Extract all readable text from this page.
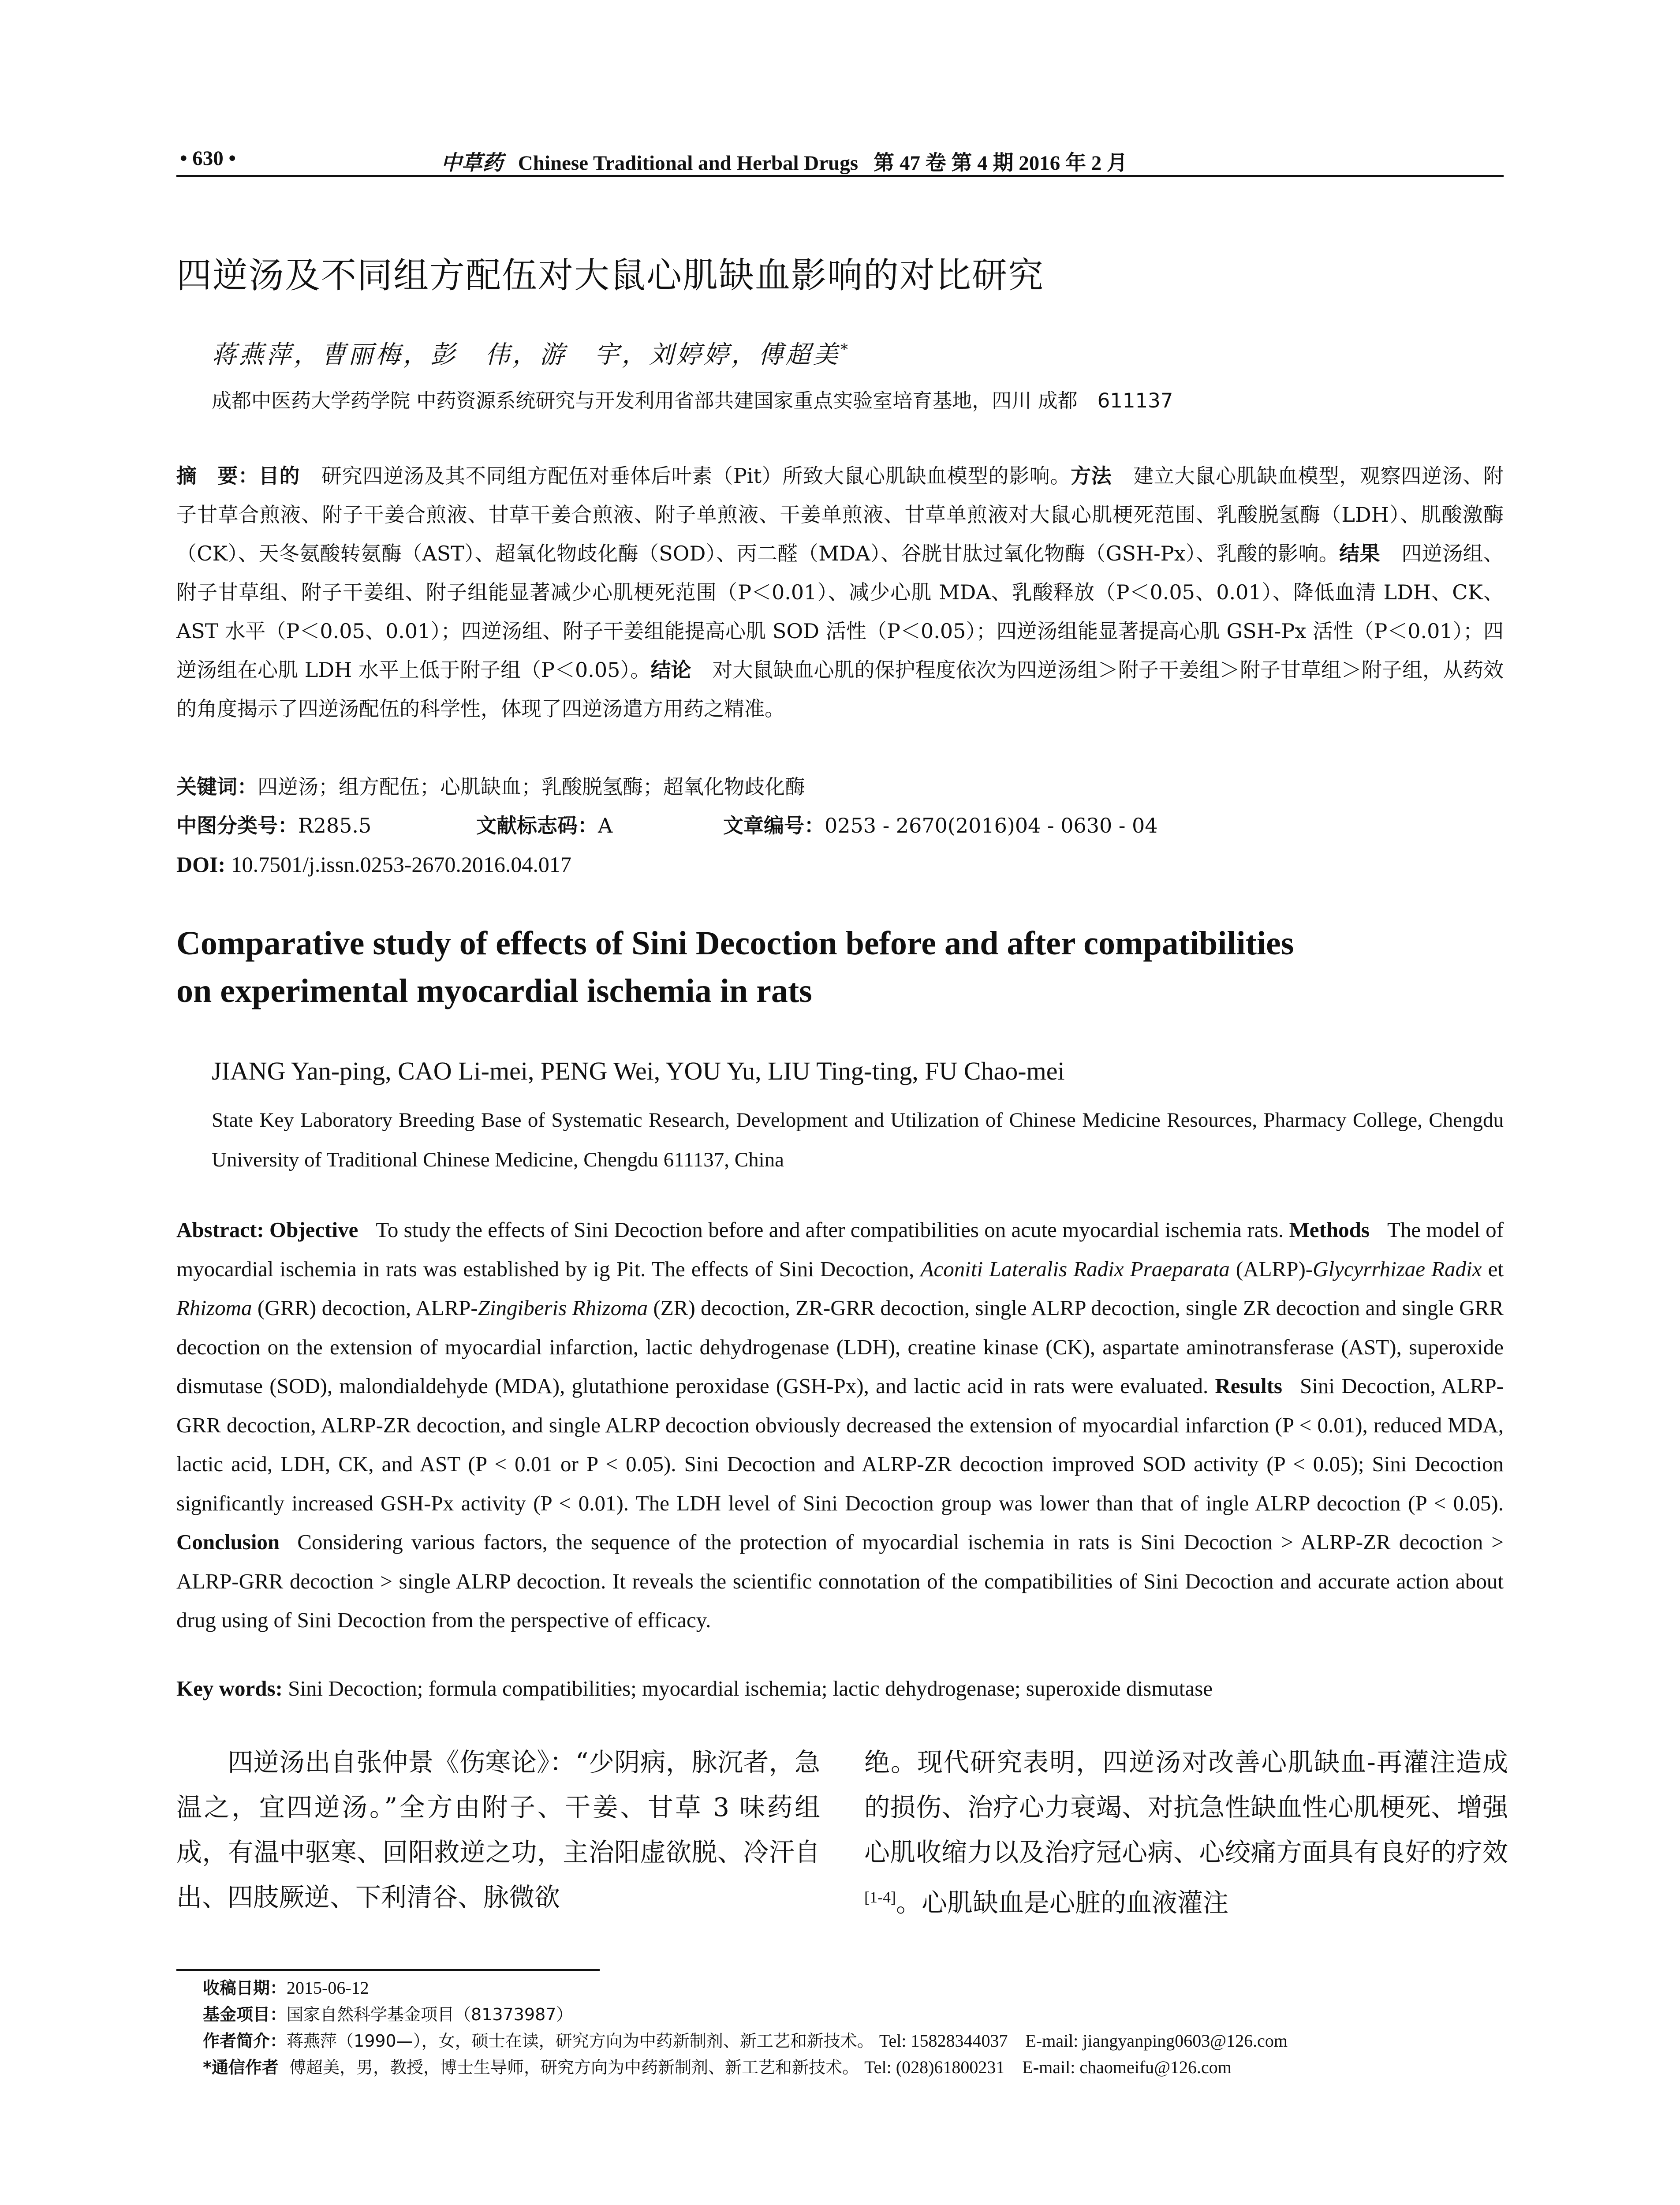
• 630 •	中草药 Chinese Traditional and Herbal Drugs 第 47 卷 第 4 期 2016 年 2 月
四逆汤及不同组方配伍对大鼠心肌缺血影响的对比研究
蒋燕萍，曹丽梅，彭　伟，游　宇，刘婷婷，傅超美*
成都中医药大学药学院 中药资源系统研究与开发利用省部共建国家重点实验室培育基地，四川 成都　611137
摘　要：目的 研究四逆汤及其不同组方配伍对垂体后叶素（Pit）所致大鼠心肌缺血模型的影响。方法 建立大鼠心肌缺血模型，观察四逆汤、附子甘草合煎液、附子干姜合煎液、甘草干姜合煎液、附子单煎液、干姜单煎液、甘草单煎液对大鼠心肌梗死范围、乳酸脱氢酶（LDH）、肌酸激酶（CK）、天冬氨酸转氨酶（AST）、超氧化物歧化酶（SOD）、丙二醛（MDA）、谷胱甘肽过氧化物酶（GSH-Px）、乳酸的影响。结果 四逆汤组、附子甘草组、附子干姜组、附子组能显著减少心肌梗死范围（P＜0.01）、减少心肌 MDA、乳酸释放（P＜0.05、0.01）、降低血清 LDH、CK、AST 水平（P＜0.05、0.01）；四逆汤组、附子干姜组能提高心肌 SOD 活性（P＜0.05）；四逆汤组能显著提高心肌 GSH-Px 活性（P＜0.01）；四逆汤组在心肌 LDH 水平上低于附子组（P＜0.05）。结论 对大鼠缺血心肌的保护程度依次为四逆汤组＞附子干姜组＞附子甘草组＞附子组，从药效的角度揭示了四逆汤配伍的科学性，体现了四逆汤遣方用药之精准。
关键词：四逆汤；组方配伍；心肌缺血；乳酸脱氢酶；超氧化物歧化酶
中图分类号：R285.5	文献标志码：A	文章编号：0253 - 2670(2016)04 - 0630 - 04
DOI: 10.7501/j.issn.0253-2670.2016.04.017
Comparative study of effects of Sini Decoction before and after compatibilities
on experimental myocardial ischemia in rats
JIANG Yan-ping, CAO Li-mei, PENG Wei, YOU Yu, LIU Ting-ting, FU Chao-mei
State Key Laboratory Breeding Base of Systematic Research, Development and Utilization of Chinese Medicine Resources, Pharmacy College, Chengdu University of Traditional Chinese Medicine, Chengdu 611137, China
Abstract: Objective To study the effects of Sini Decoction before and after compatibilities on acute myocardial ischemia rats. Methods The model of myocardial ischemia in rats was established by ig Pit. The effects of Sini Decoction, Aconiti Lateralis Radix Praeparata (ALRP)-Glycyrrhizae Radix et Rhizoma (GRR) decoction, ALRP-Zingiberis Rhizoma (ZR) decoction, ZR-GRR decoction, single ALRP decoction, single ZR decoction and single GRR decoction on the extension of myocardial infarction, lactic dehydrogenase (LDH), creatine kinase (CK), aspartate aminotransferase (AST), superoxide dismutase (SOD), malondialdehyde (MDA), glutathione peroxidase (GSH-Px), and lactic acid in rats were evaluated. Results Sini Decoction, ALRP-GRR decoction, ALRP-ZR decoction, and single ALRP decoction obviously decreased the extension of myocardial infarction (P < 0.01), reduced MDA, lactic acid, LDH, CK, and AST (P < 0.01 or P < 0.05). Sini Decoction and ALRP-ZR decoction improved SOD activity (P < 0.05); Sini Decoction significantly increased GSH-Px activity (P < 0.01). The LDH level of Sini Decoction group was lower than that of ingle ALRP decoction (P < 0.05). Conclusion Considering various factors, the sequence of the protection of myocardial ischemia in rats is Sini Decoction > ALRP-ZR decoction > ALRP-GRR decoction > single ALRP decoction. It reveals the scientific connotation of the compatibilities of Sini Decoction and accurate action about drug using of Sini Decoction from the perspective of efficacy.
Key words: Sini Decoction; formula compatibilities; myocardial ischemia; lactic dehydrogenase; superoxide dismutase
四逆汤出自张仲景《伤寒论》：“少阴病，脉沉者，急温之，宜四逆汤。”全方由附子、干姜、甘草 3 味药组成，有温中驱寒、回阳救逆之功，主治阳虚欲脱、冷汗自出、四肢厥逆、下利清谷、脉微欲
绝。现代研究表明，四逆汤对改善心肌缺血-再灌注造成的损伤、治疗心力衰竭、对抗急性缺血性心肌梗死、增强心肌收缩力以及治疗冠心病、心绞痛方面具有良好的疗效[1-4]。心肌缺血是心脏的血液灌注
收稿日期：2015-06-12
基金项目：国家自然科学基金项目（81373987）
作者简介：蒋燕萍（1990—），女，硕士在读，研究方向为中药新制剂、新工艺和新技术。 Tel: 15828344037　E-mail: jiangyanping0603@126.com
*通信作者 傅超美，男，教授，博士生导师，研究方向为中药新制剂、新工艺和新技术。 Tel: (028)61800231　E-mail: chaomeifu@126.com
